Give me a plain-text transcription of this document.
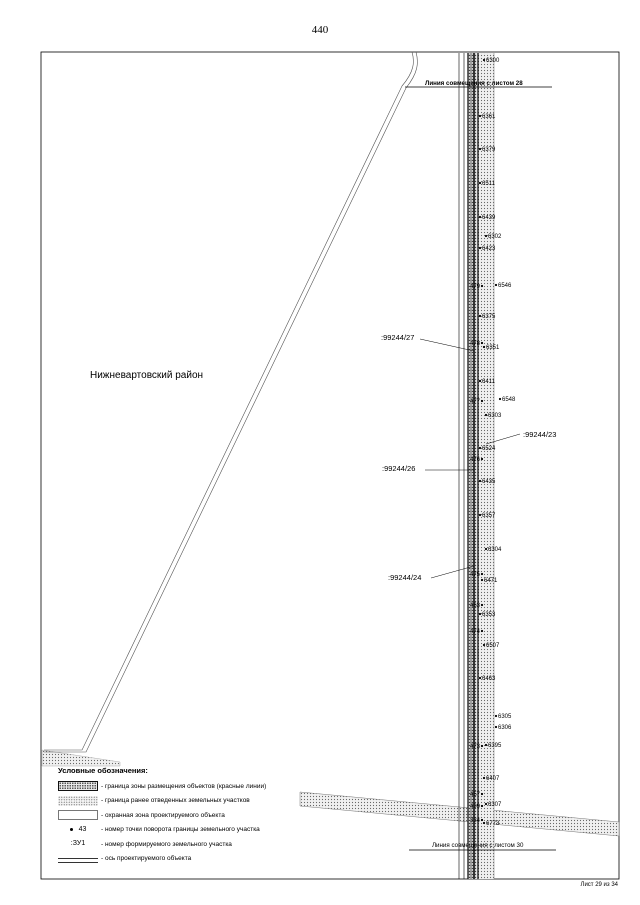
440
6300
6361
6379
6511
6439
6302
6423
6546
479
6375
478
6351
6411
6548
477
6303
6524
476
6435
6357
6304
475
6471
463
6353
474
6507
6463
6305
6306
473 6395
6407
457
6307
499
334 6773
Нижневартовский район
Линия совмещения с листом 28
Линия совмещения с листом 30
:99244/27
:99244/23
:99244/26
:99244/24
Условные обозначения:
- граница зоны размещения объектов (красные линии)
- граница ранее отведенных земельных участков
- охранная зона проектируемого объекта
43 - номер точки поворота границы земельного участка
:ЗУ1	- номер формируемого земельного участка
- ось проектируемого объекта
Лист 29 из 34
